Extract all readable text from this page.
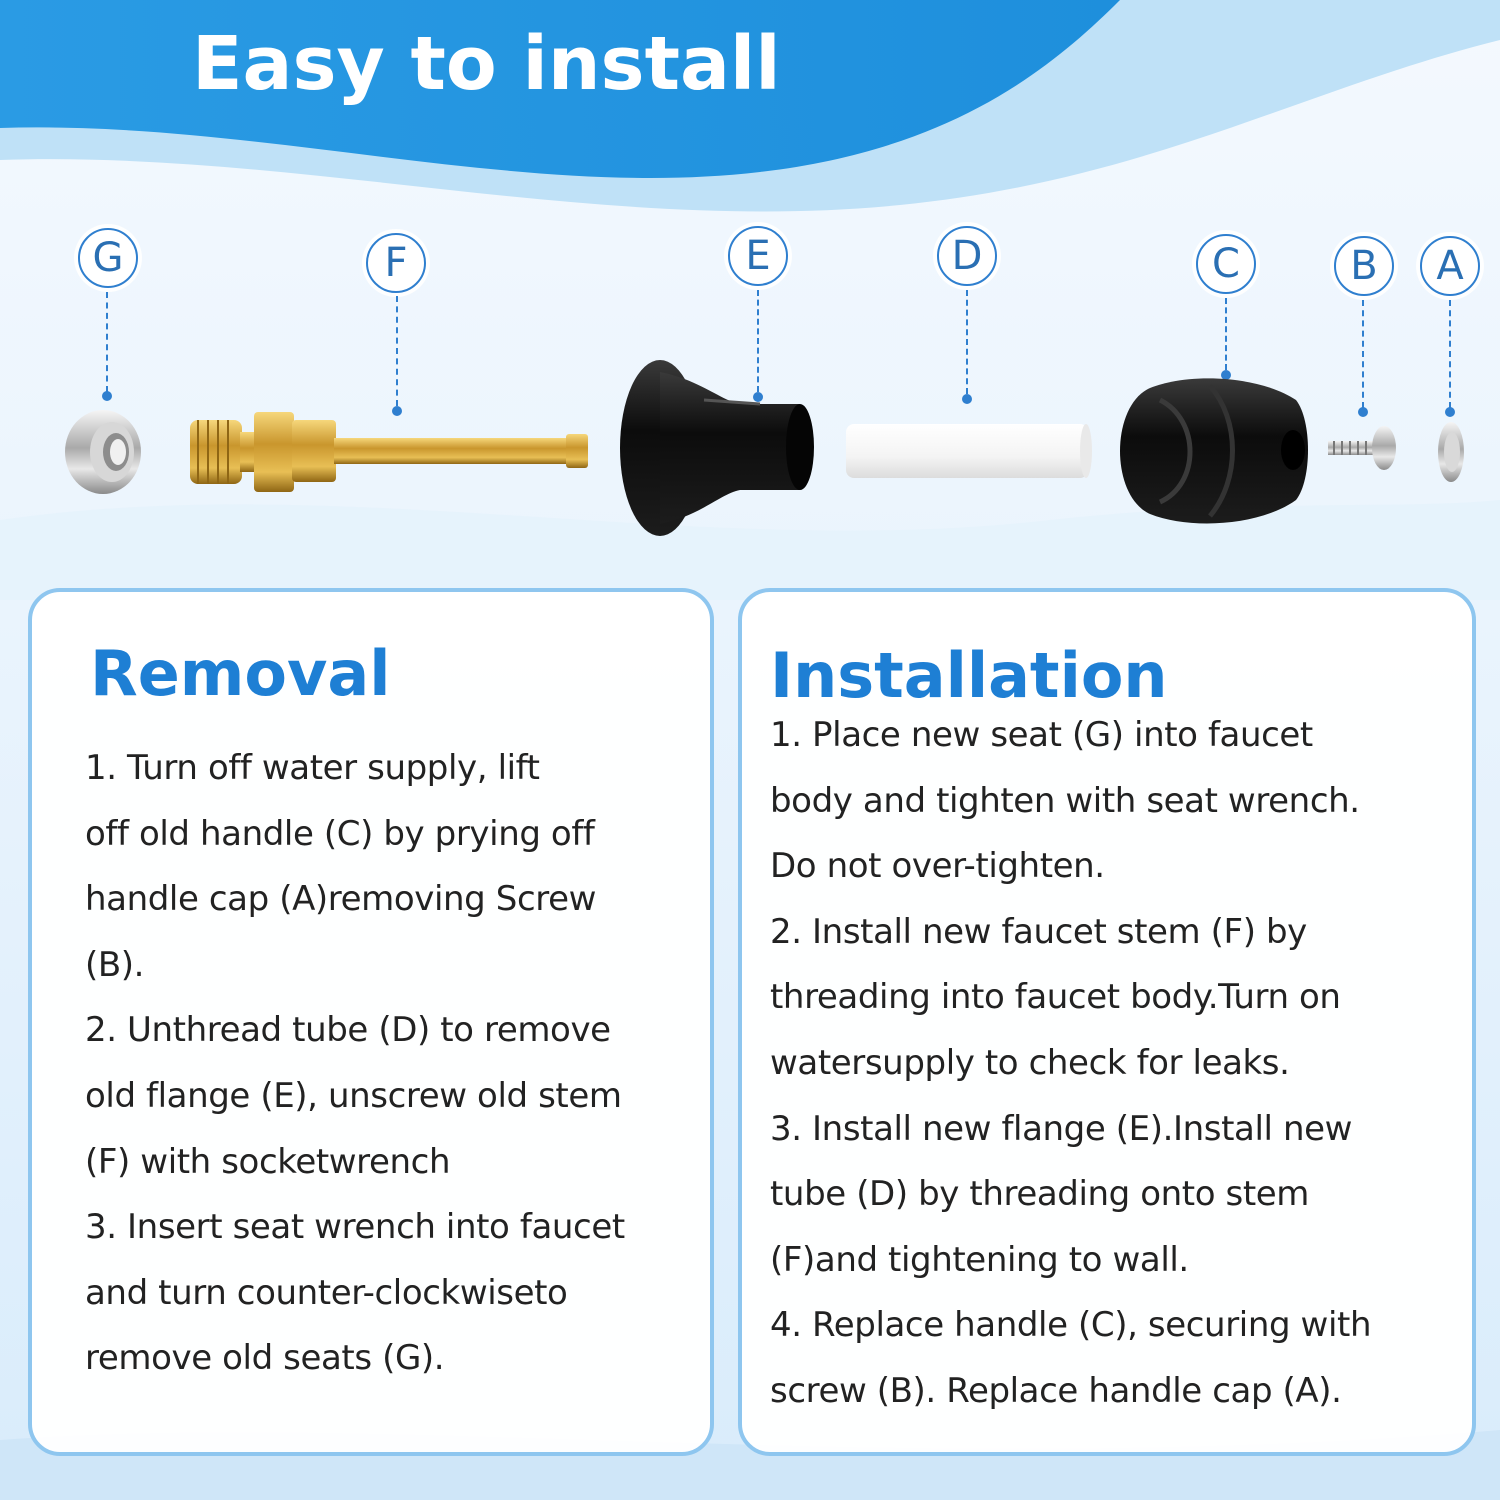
Easy to install
G	F	E	D	C	B	A
Removal
1. Turn off water supply, lift
off old handle (C) by prying off
handle cap (A)removing Screw
(B).
2. Unthread tube (D) to remove
old flange (E), unscrew old stem
(F) with socketwrench
3. Insert seat wrench into faucet
and turn counter-clockwiseto
remove old seats (G).
Installation
1. Place new seat (G) into faucet
body and tighten with seat wrench.
Do not over-tighten.
2. Install new faucet stem (F) by
threading into faucet body.Turn on
watersupply to check for leaks.
3. Install new flange (E).Install new
tube (D) by threading onto stem
(F)and tightening to wall.
4. Replace handle (C), securing with
screw (B). Replace handle cap (A).
